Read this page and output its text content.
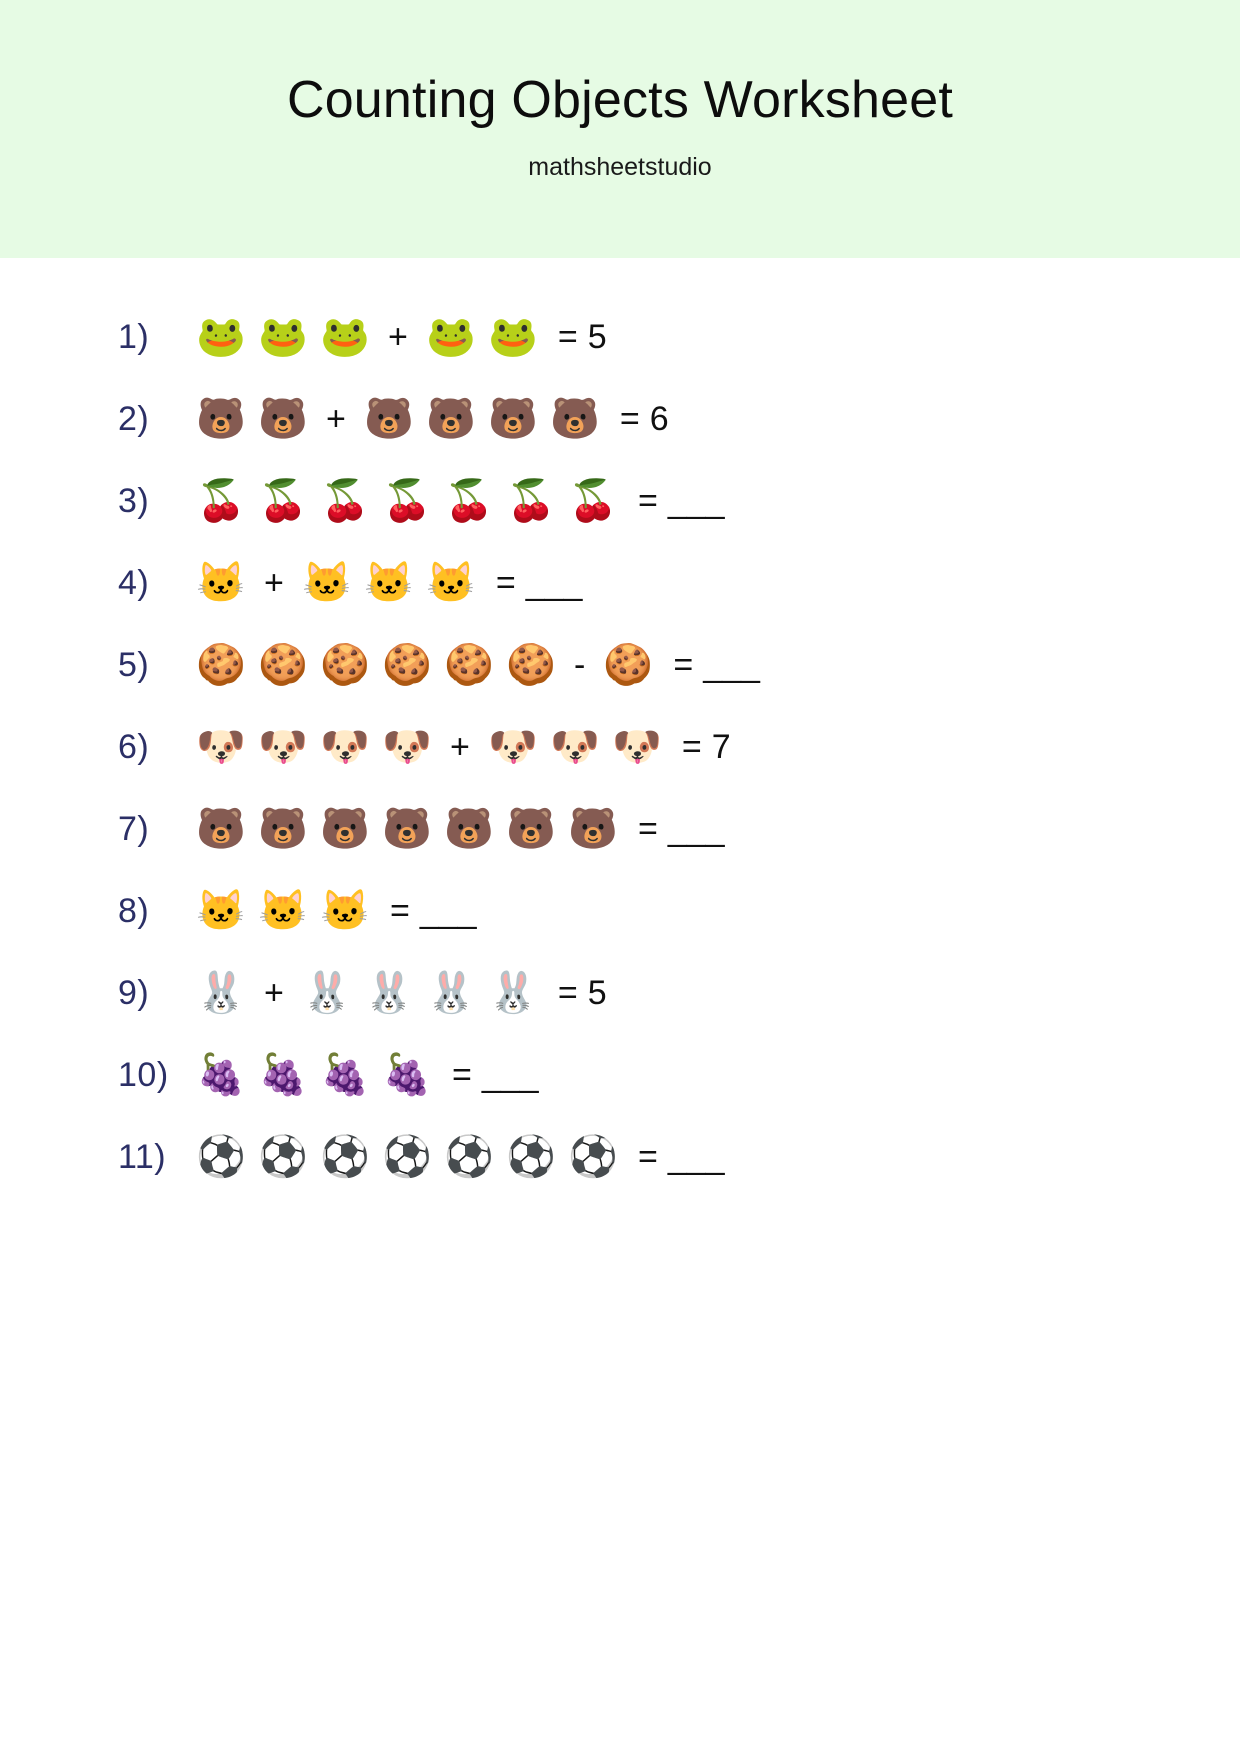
Counting Objects Worksheet
mathsheetstudio
1)	🐸 🐸 🐸 + 🐸 🐸 = 5
2)	🐻 🐻 + 🐻 🐻 🐻 🐻 = 6
3)	🍒 🍒 🍒 🍒 🍒 🍒 🍒 = ___
4)	🐱 + 🐱 🐱 🐱 = ___
5)	🍪 🍪 🍪 🍪 🍪 🍪 - 🍪 = ___
6)	🐶 🐶 🐶 🐶 + 🐶 🐶 🐶 = 7
7)	🐻 🐻 🐻 🐻 🐻 🐻 🐻 = ___
8)	🐱 🐱 🐱 = ___
9)	🐰 + 🐰 🐰 🐰 🐰 = 5
10) 🍇 🍇 🍇 🍇 = ___
11) ⚽ ⚽ ⚽ ⚽ ⚽ ⚽ ⚽ = ___
